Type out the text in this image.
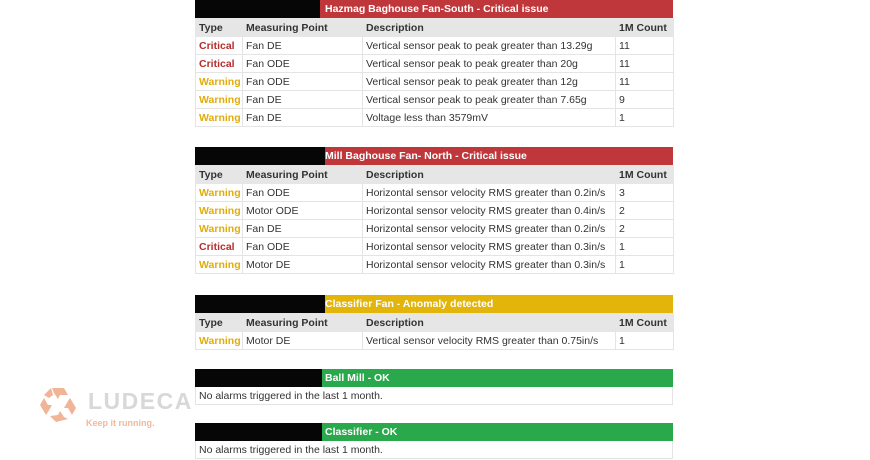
LUDECA
Keep it running.
Hazmag Baghouse Fan-South - Critical issue
Type	Measuring Point	Description	1M Count
Critical	Fan DE	Vertical sensor peak to peak greater than 13.29g	11
Critical	Fan ODE	Vertical sensor peak to peak greater than 20g	11
Warning	Fan ODE	Vertical sensor peak to peak greater than 12g	11
Warning	Fan DE	Vertical sensor peak to peak greater than 7.65g	9
Warning	Fan DE	Voltage less than 3579mV	1
Mill Baghouse Fan- North - Critical issue
Type	Measuring Point	Description	1M Count
Warning	Fan ODE	Horizontal sensor velocity RMS greater than 0.2in/s	3
Warning	Motor ODE	Horizontal sensor velocity RMS greater than 0.4in/s	2
Warning	Fan DE	Horizontal sensor velocity RMS greater than 0.2in/s	2
Critical	Fan ODE	Horizontal sensor velocity RMS greater than 0.3in/s	1
Warning	Motor DE	Horizontal sensor velocity RMS greater than 0.3in/s	1
Classifier Fan - Anomaly detected
Type	Measuring Point	Description	1M Count
Warning	Motor DE	Vertical sensor velocity RMS greater than 0.75in/s	1
Ball Mill - OK
No alarms triggered in the last 1 month.
Classifier - OK
No alarms triggered in the last 1 month.
